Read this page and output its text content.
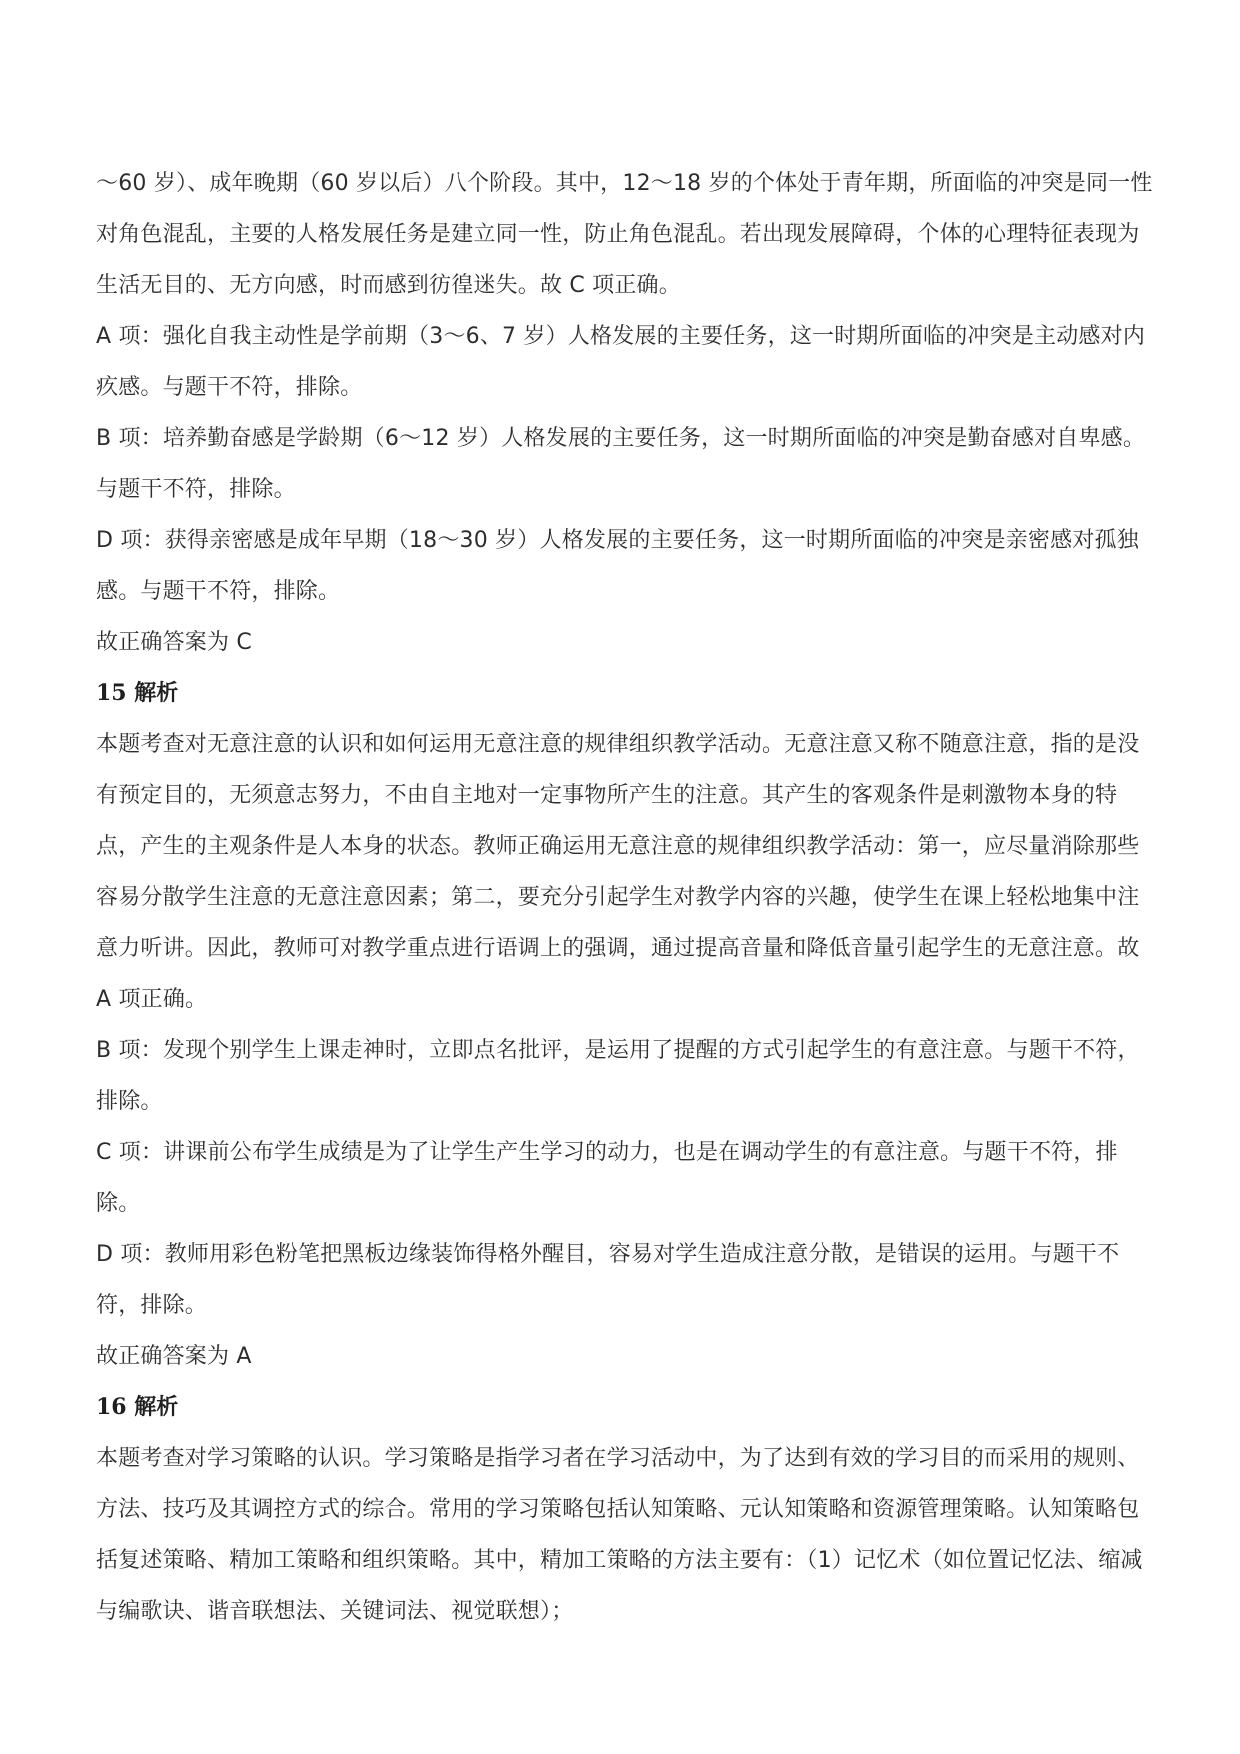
～60 岁）、成年晚期（60 岁以后）八个阶段。其中，12～18 岁的个体处于青年期，所面临的冲突是同一性对角色混乱，主要的人格发展任务是建立同一性，防止角色混乱。若出现发展障碍，个体的心理特征表现为生活无目的、无方向感，时而感到彷徨迷失。故 C 项正确。

A 项：强化自我主动性是学前期（3～6、7 岁）人格发展的主要任务，这一时期所面临的冲突是主动感对内疚感。与题干不符，排除。

B 项：培养勤奋感是学龄期（6～12 岁）人格发展的主要任务，这一时期所面临的冲突是勤奋感对自卑感。与题干不符，排除。

D 项：获得亲密感是成年早期（18～30 岁）人格发展的主要任务，这一时期所面临的冲突是亲密感对孤独感。与题干不符，排除。

故正确答案为 C

15 解析

本题考查对无意注意的认识和如何运用无意注意的规律组织教学活动。无意注意又称不随意注意，指的是没有预定目的，无须意志努力，不由自主地对一定事物所产生的注意。其产生的客观条件是刺激物本身的特点，产生的主观条件是人本身的状态。教师正确运用无意注意的规律组织教学活动：第一，应尽量消除那些容易分散学生注意的无意注意因素；第二，要充分引起学生对教学内容的兴趣，使学生在课上轻松地集中注意力听讲。因此，教师可对教学重点进行语调上的强调，通过提高音量和降低音量引起学生的无意注意。故 A 项正确。

B 项：发现个别学生上课走神时，立即点名批评，是运用了提醒的方式引起学生的有意注意。与题干不符，排除。

C 项：讲课前公布学生成绩是为了让学生产生学习的动力，也是在调动学生的有意注意。与题干不符，排除。

D 项：教师用彩色粉笔把黑板边缘装饰得格外醒目，容易对学生造成注意分散，是错误的运用。与题干不符，排除。

故正确答案为 A

16 解析

本题考查对学习策略的认识。学习策略是指学习者在学习活动中，为了达到有效的学习目的而采用的规则、方法、技巧及其调控方式的综合。常用的学习策略包括认知策略、元认知策略和资源管理策略。认知策略包括复述策略、精加工策略和组织策略。其中，精加工策略的方法主要有：（1）记忆术（如位置记忆法、缩减与编歌诀、谐音联想法、关键词法、视觉联想）；
